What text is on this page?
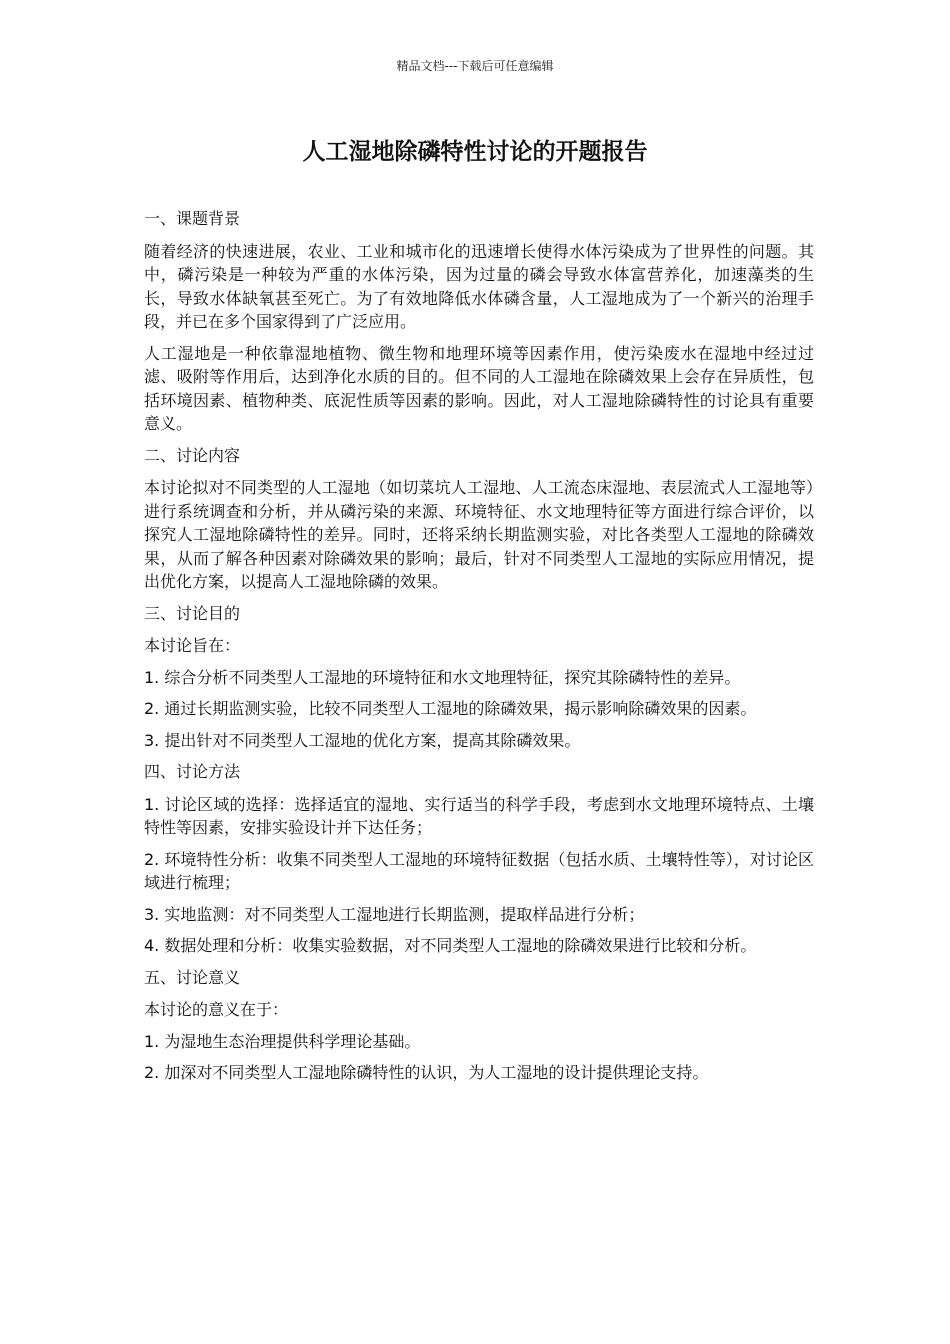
精品文档---下载后可任意编辑
人工湿地除磷特性讨论的开题报告

一、课题背景

随着经济的快速进展，农业、工业和城市化的迅速增长使得水体污染成为了世界性的问题。其中，磷污染是一种较为严重的水体污染，因为过量的磷会导致水体富营养化，加速藻类的生长，导致水体缺氧甚至死亡。为了有效地降低水体磷含量，人工湿地成为了一个新兴的治理手段，并已在多个国家得到了广泛应用。

人工湿地是一种依靠湿地植物、微生物和地理环境等因素作用，使污染废水在湿地中经过过滤、吸附等作用后，达到净化水质的目的。但不同的人工湿地在除磷效果上会存在异质性，包括环境因素、植物种类、底泥性质等因素的影响。因此，对人工湿地除磷特性的讨论具有重要意义。

二、讨论内容

本讨论拟对不同类型的人工湿地（如切菜坑人工湿地、人工流态床湿地、表层流式人工湿地等）进行系统调查和分析，并从磷污染的来源、环境特征、水文地理特征等方面进行综合评价，以探究人工湿地除磷特性的差异。同时，还将采纳长期监测实验，对比各类型人工湿地的除磷效果，从而了解各种因素对除磷效果的影响；最后，针对不同类型人工湿地的实际应用情况，提出优化方案，以提高人工湿地除磷的效果。

三、讨论目的

本讨论旨在：

1. 综合分析不同类型人工湿地的环境特征和水文地理特征，探究其除磷特性的差异。

2. 通过长期监测实验，比较不同类型人工湿地的除磷效果，揭示影响除磷效果的因素。

3. 提出针对不同类型人工湿地的优化方案，提高其除磷效果。

四、讨论方法

1. 讨论区域的选择：选择适宜的湿地、实行适当的科学手段，考虑到水文地理环境特点、土壤特性等因素，安排实验设计并下达任务；

2. 环境特性分析：收集不同类型人工湿地的环境特征数据（包括水质、土壤特性等），对讨论区域进行梳理；

3. 实地监测：对不同类型人工湿地进行长期监测，提取样品进行分析；

4. 数据处理和分析：收集实验数据，对不同类型人工湿地的除磷效果进行比较和分析。

五、讨论意义

本讨论的意义在于：

1. 为湿地生态治理提供科学理论基础。

2. 加深对不同类型人工湿地除磷特性的认识，为人工湿地的设计提供理论支持。
